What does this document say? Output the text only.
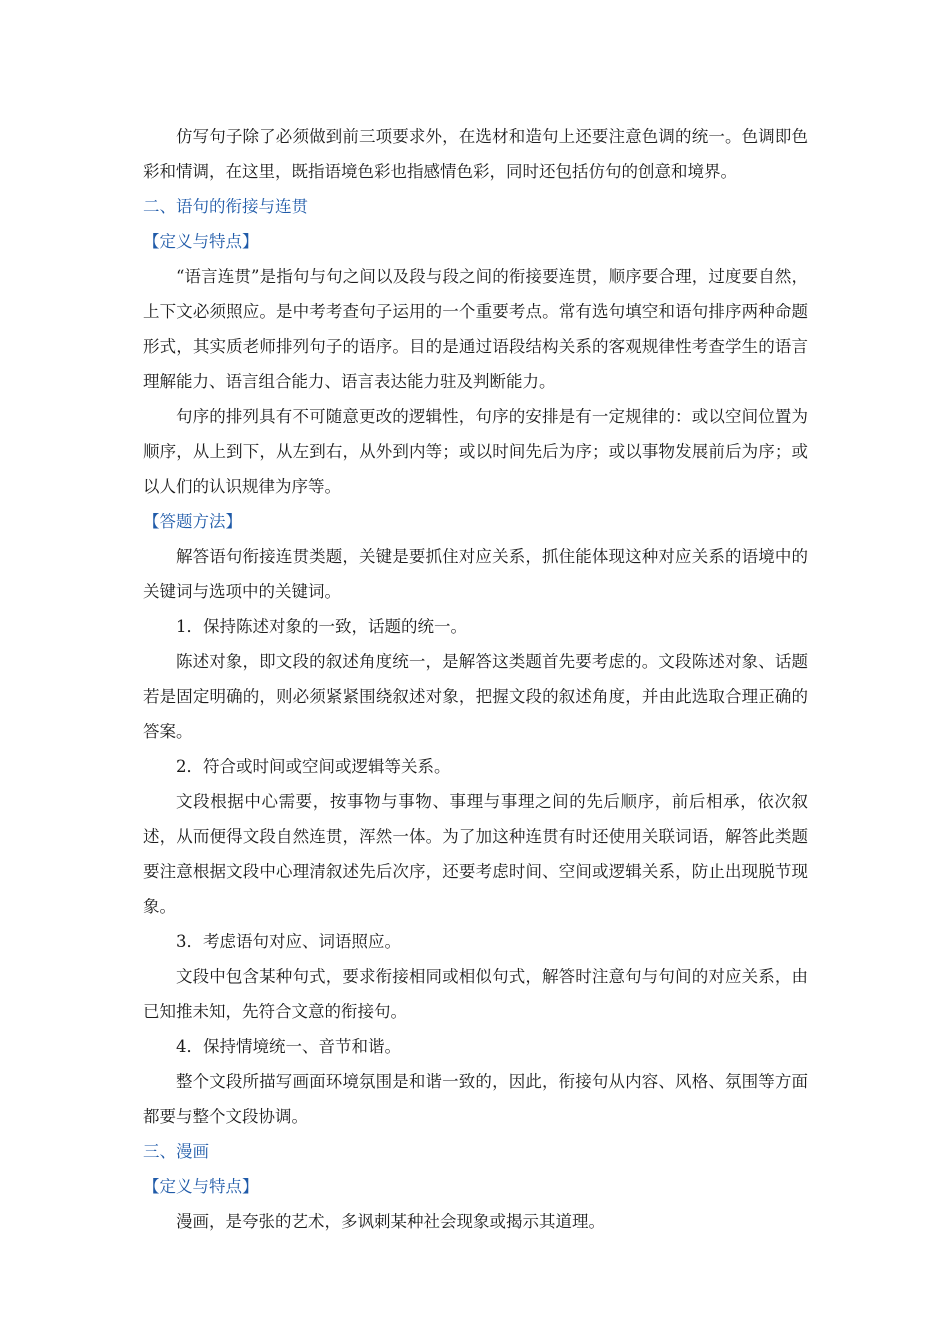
仿写句子除了必须做到前三项要求外，在选材和造句上还要注意色调的统一。色调即色彩和情调，在这里，既指语境色彩也指感情色彩，同时还包括仿句的创意和境界。

二、语句的衔接与连贯

【定义与特点】

“语言连贯”是指句与句之间以及段与段之间的衔接要连贯，顺序要合理，过度要自然，上下文必须照应。是中考考查句子运用的一个重要考点。常有选句填空和语句排序两种命题形式，其实质老师排列句子的语序。目的是通过语段结构关系的客观规律性考查学生的语言理解能力、语言组合能力、语言表达能力驻及判断能力。

句序的排列具有不可随意更改的逻辑性，句序的安排是有一定规律的：或以空间位置为顺序，从上到下，从左到右，从外到内等；或以时间先后为序；或以事物发展前后为序；或以人们的认识规律为序等。

【答题方法】

解答语句衔接连贯类题，关键是要抓住对应关系，抓住能体现这种对应关系的语境中的关键词与选项中的关键词。

1．保持陈述对象的一致，话题的统一。

陈述对象，即文段的叙述角度统一，是解答这类题首先要考虑的。文段陈述对象、话题若是固定明确的，则必须紧紧围绕叙述对象，把握文段的叙述角度，并由此选取合理正确的答案。

2．符合或时间或空间或逻辑等关系。

文段根据中心需要，按事物与事物、事理与事理之间的先后顺序，前后相承，依次叙述，从而便得文段自然连贯，浑然一体。为了加这种连贯有时还使用关联词语，解答此类题要注意根据文段中心理清叙述先后次序，还要考虑时间、空间或逻辑关系，防止出现脱节现象。

3．考虑语句对应、词语照应。

文段中包含某种句式，要求衔接相同或相似句式，解答时注意句与句间的对应关系，由已知推未知，先符合文意的衔接句。

4．保持情境统一、音节和谐。

整个文段所描写画面环境氛围是和谐一致的，因此，衔接句从内容、风格、氛围等方面都要与整个文段协调。

三、漫画

【定义与特点】

漫画，是夸张的艺术，多讽刺某种社会现象或揭示其道理。
